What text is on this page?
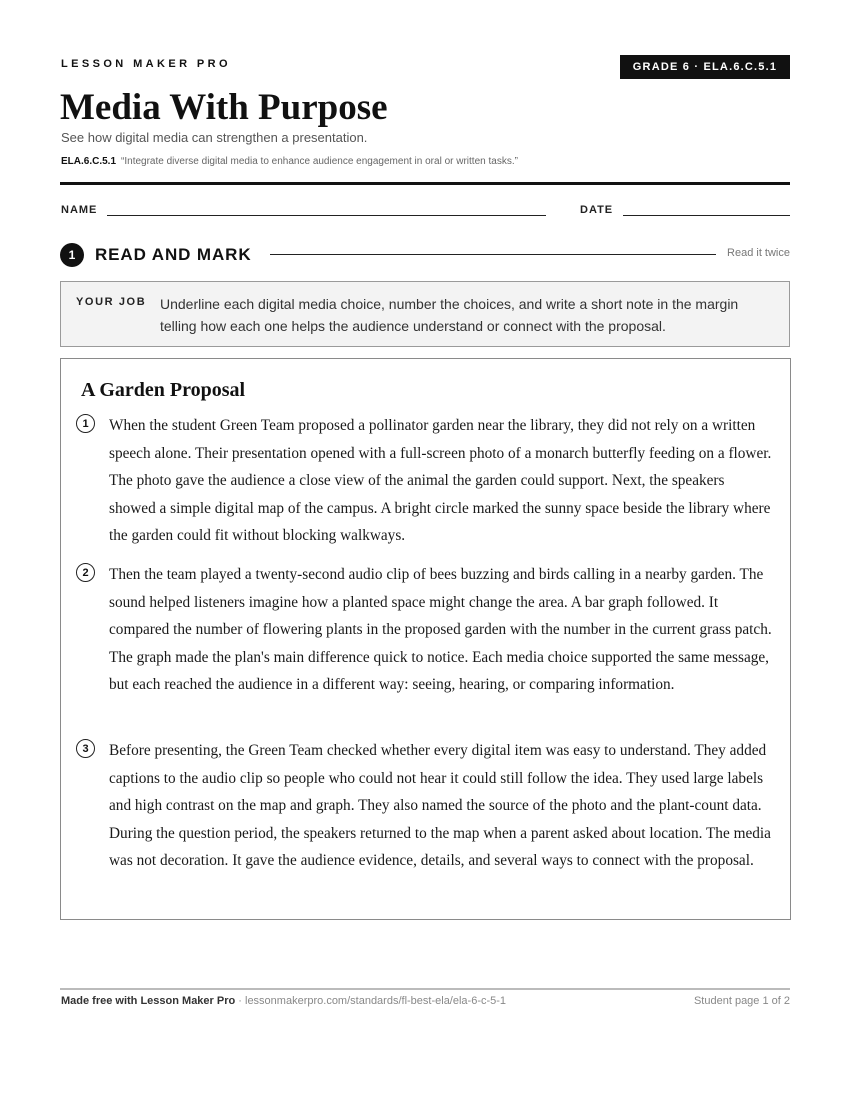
LESSON MAKER PRO	GRADE 6 · ELA.6.C.5.1
Media With Purpose
See how digital media can strengthen a presentation.
ELA.6.C.5.1 “Integrate diverse digital media to enhance audience engagement in oral or written tasks.”
NAME	DATE
1	READ AND MARK	Read it twice
YOUR JOB Underline each digital media choice, number the choices, and write a short note in the margin telling how each one helps the audience understand or connect with the proposal.
A Garden Proposal
1	When the student Green Team proposed a pollinator garden near the library, they did not rely on a written speech alone. Their presentation opened with a full-screen photo of a monarch butterfly feeding on a flower. The photo gave the audience a close view of the animal the garden could support. Next, the speakers showed a simple digital map of the campus. A bright circle marked the sunny space beside the library where the garden could fit without blocking walkways.

2	Then the team played a twenty-second audio clip of bees buzzing and birds calling in a nearby garden. The sound helped listeners imagine how a planted space might change the area. A bar graph followed. It compared the number of flowering plants in the proposed garden with the number in the current grass patch. The graph made the plan's main difference quick to notice. Each media choice supported the same message, but each reached the audience in a different way: seeing, hearing, or comparing information.

3	Before presenting, the Green Team checked whether every digital item was easy to understand. They added captions to the audio clip so people who could not hear it could still follow the idea. They used large labels and high contrast on the map and graph. They also named the source of the photo and the plant-count data. During the question period, the speakers returned to the map when a parent asked about location. The media was not decoration. It gave the audience evidence, details, and several ways to connect with the proposal.

Made free with Lesson Maker Pro · lessonmakerpro.com/standards/fl-best-ela/ela-6-c-5-1	Student page 1 of 2
